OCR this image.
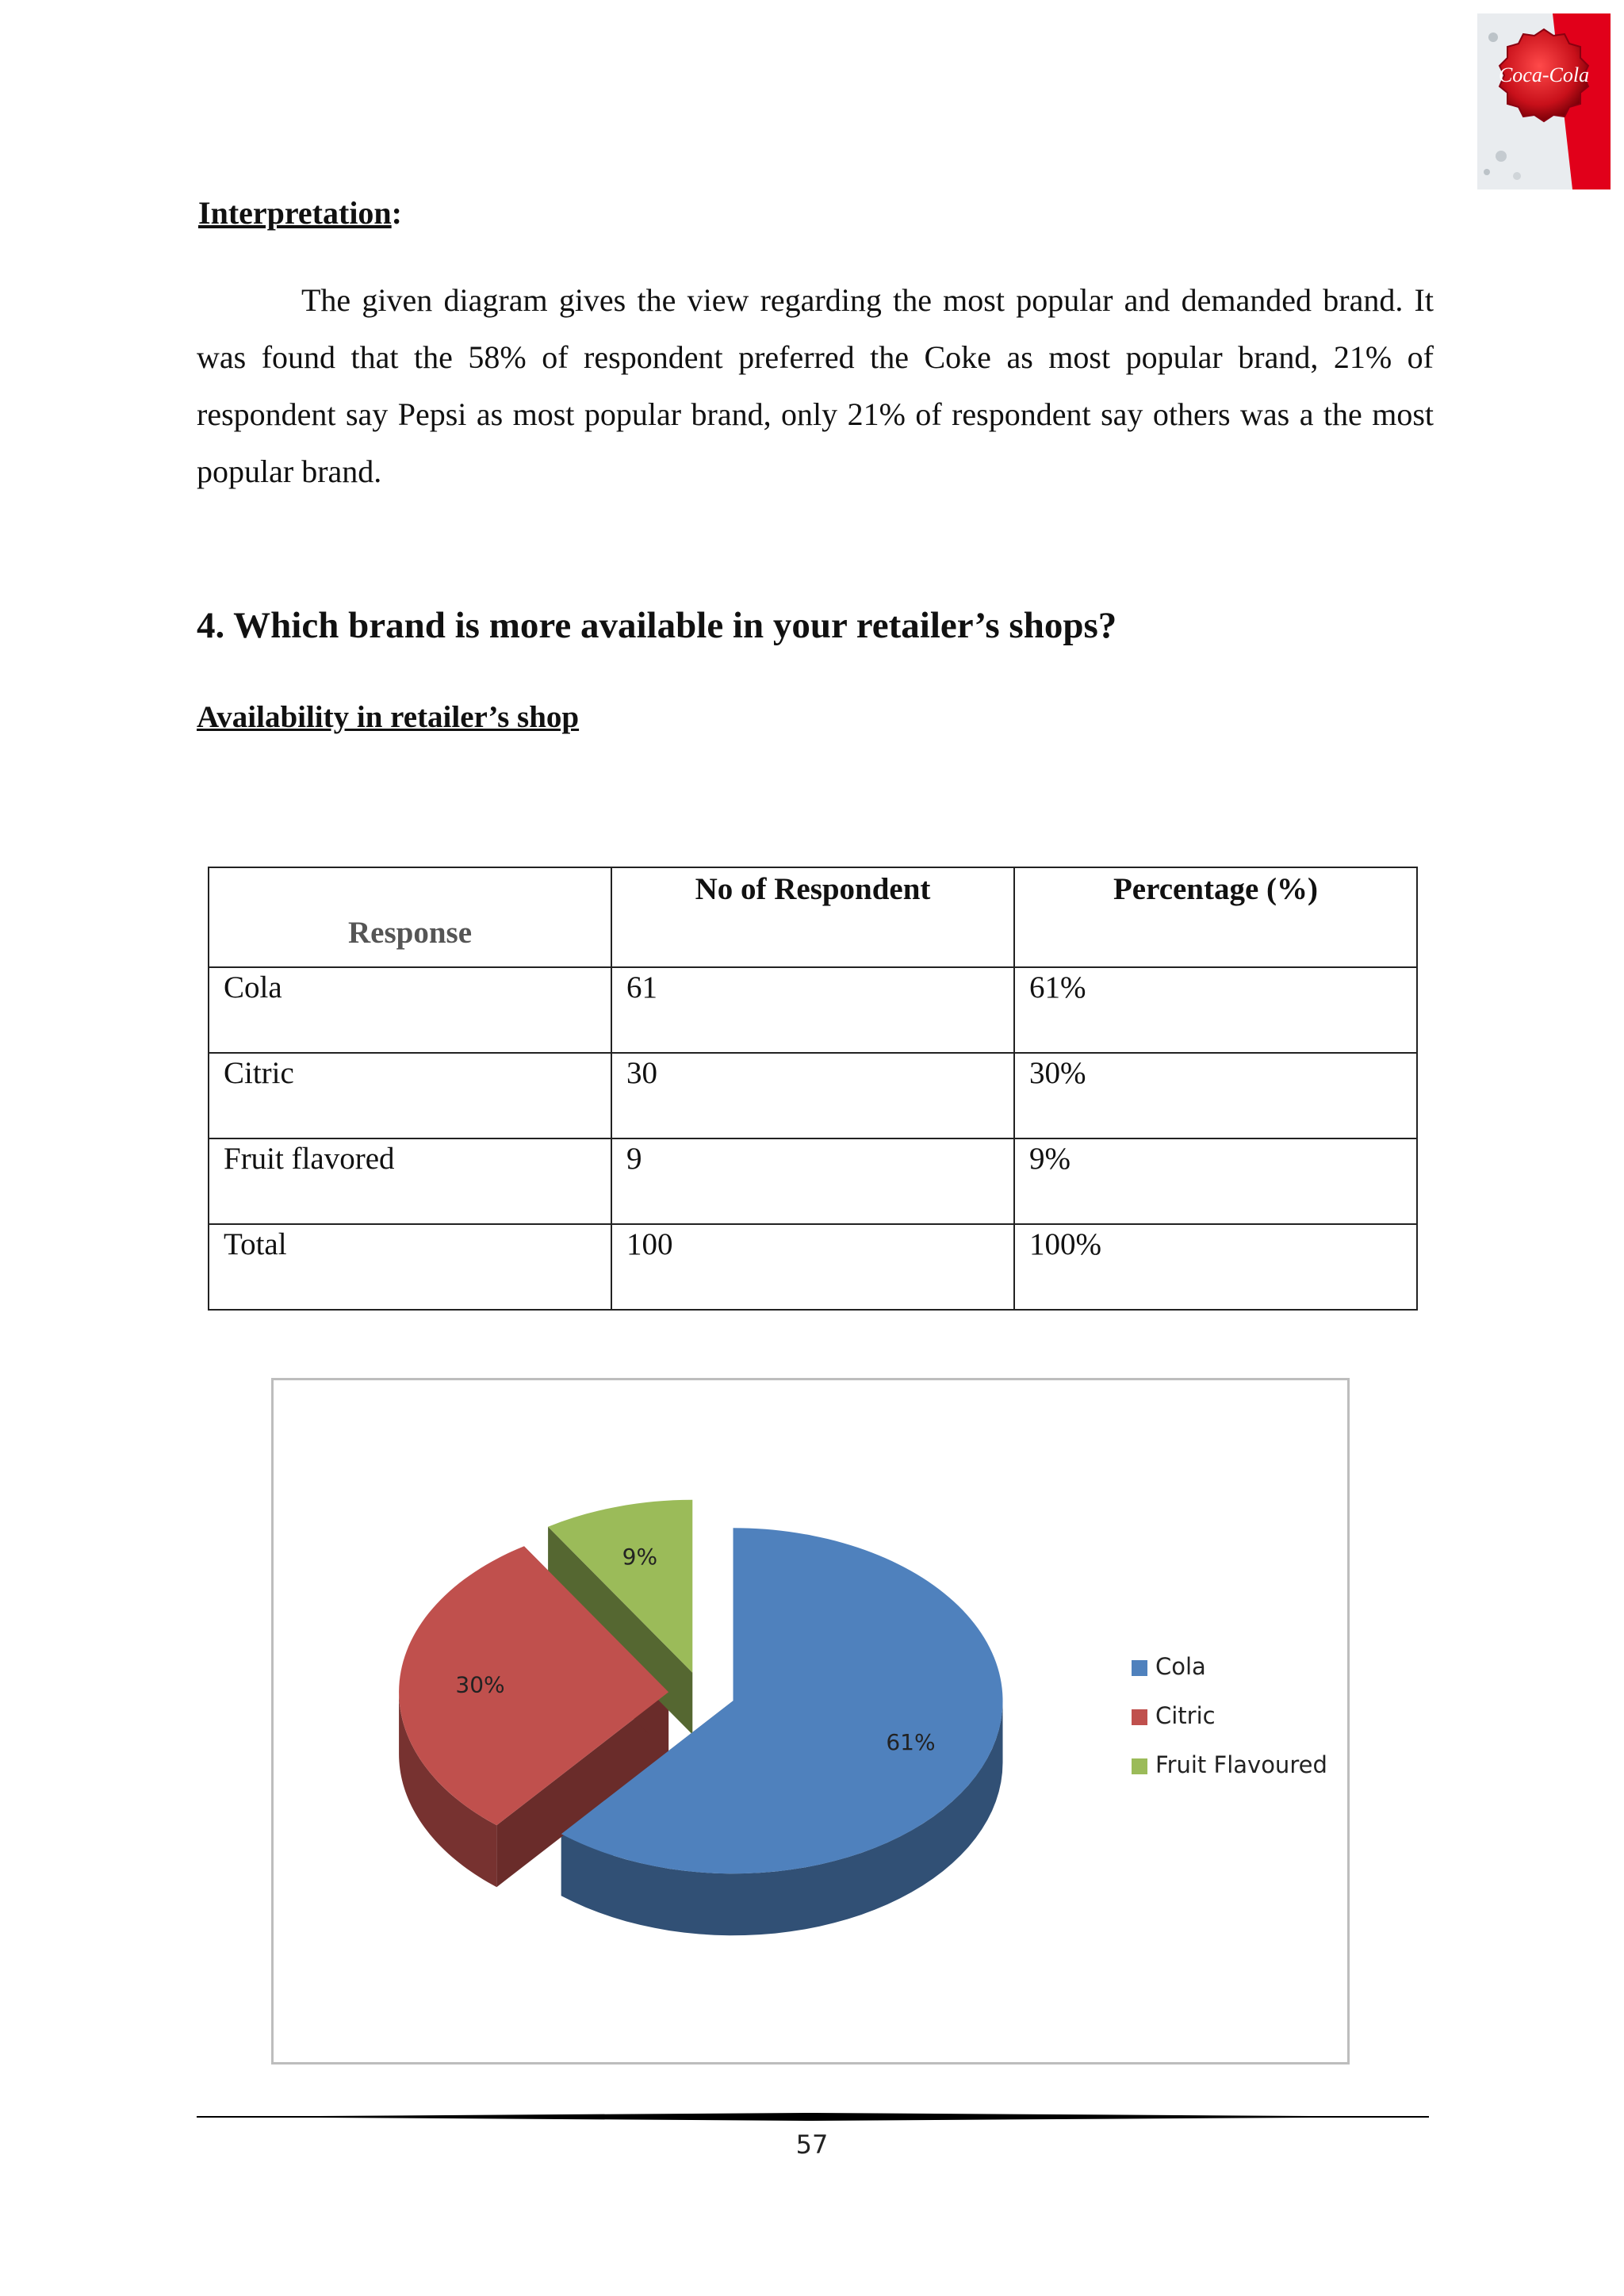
Coca-Cola
Interpretation:

The given diagram gives the view regarding the most popular and demanded brand. It was found that the 58% of respondent preferred the Coke as most popular brand, 21% of respondent say Pepsi as most popular brand, only 21% of respondent say others was a the most popular brand.

4. Which brand is more available in your retailer’s shops?

Availability in retailer’s shop

Response	No of Respondent	Percentage (%)
Cola	61	61%
Citric	30	30%
Fruit flavored	9	9%
Total	100	100%
61%
30%
9%
Cola
Citric
Fruit Flavoured
57
